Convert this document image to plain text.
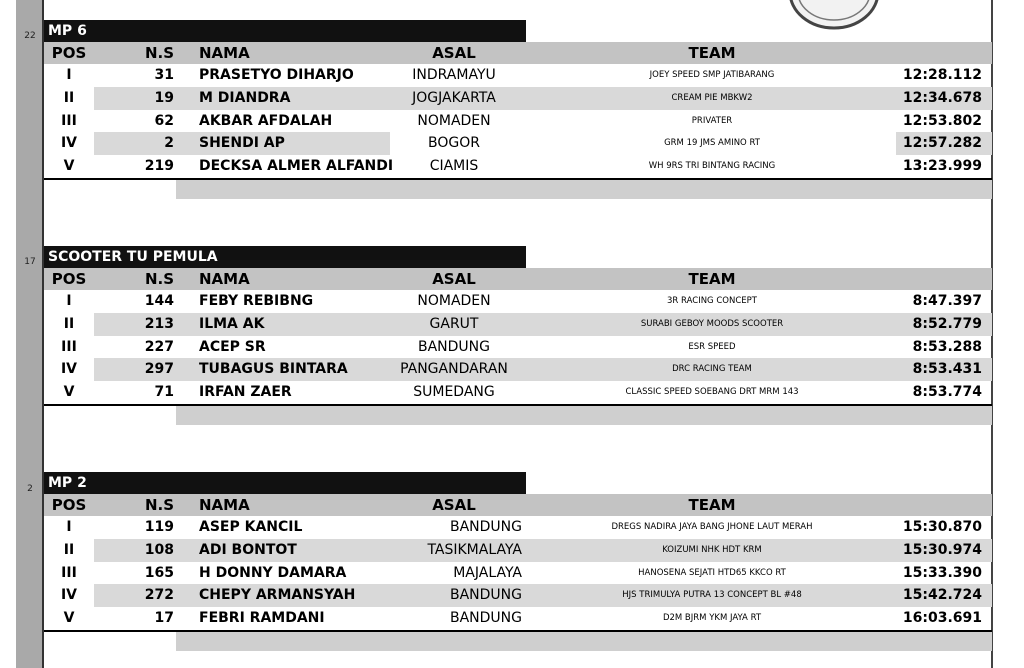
22
17
2
MP 6
POS	N.S NAMA	ASAL	TEAM
I	31 PRASETYO DIHARJO	INDRAMAYU	JOEY SPEED SMP JATIBARANG	12:28.112
II	19 M DIANDRA	JOGJAKARTA	CREAM PIE MBKW2	12:34.678
III	62 AKBAR AFDALAH	NOMADEN	PRIVATER	12:53.802
IV	2 SHENDI AP	BOGOR	GRM 19 JMS AMINO RT	12:57.282
V	219 DECKSA ALMER ALFANDI	CIAMIS	WH 9RS TRI BINTANG RACING	13:23.999
SCOOTER TU PEMULA
POS	N.S NAMA	ASAL	TEAM
I	144 FEBY REBIBNG	NOMADEN	3R RACING CONCEPT	8:47.397
II	213 ILMA AK	GARUT	SURABI GEBOY MOODS SCOOTER	8:52.779
III	227 ACEP SR	BANDUNG	ESR SPEED	8:53.288
IV	297 TUBAGUS BINTARA	PANGANDARAN	DRC RACING TEAM	8:53.431
V	71 IRFAN ZAER	SUMEDANG	CLASSIC SPEED SOEBANG DRT MRM 143	8:53.774
MP 2
POS	N.S NAMA	ASAL	TEAM
I	119 ASEP KANCIL	BANDUNG	DREGS NADIRA JAYA BANG JHONE LAUT MERAH	15:30.870
II	108 ADI BONTOT	TASIKMALAYA	KOIZUMI NHK HDT KRM	15:30.974
III	165 H DONNY DAMARA	MAJALAYA	HANOSENA SEJATI HTD65 KKCO RT	15:33.390
IV	272 CHEPY ARMANSYAH	BANDUNG	HJS TRIMULYA PUTRA 13 CONCEPT BL #48	15:42.724
V	17 FEBRI RAMDANI	BANDUNG	D2M BJRM YKM JAYA RT	16:03.691
